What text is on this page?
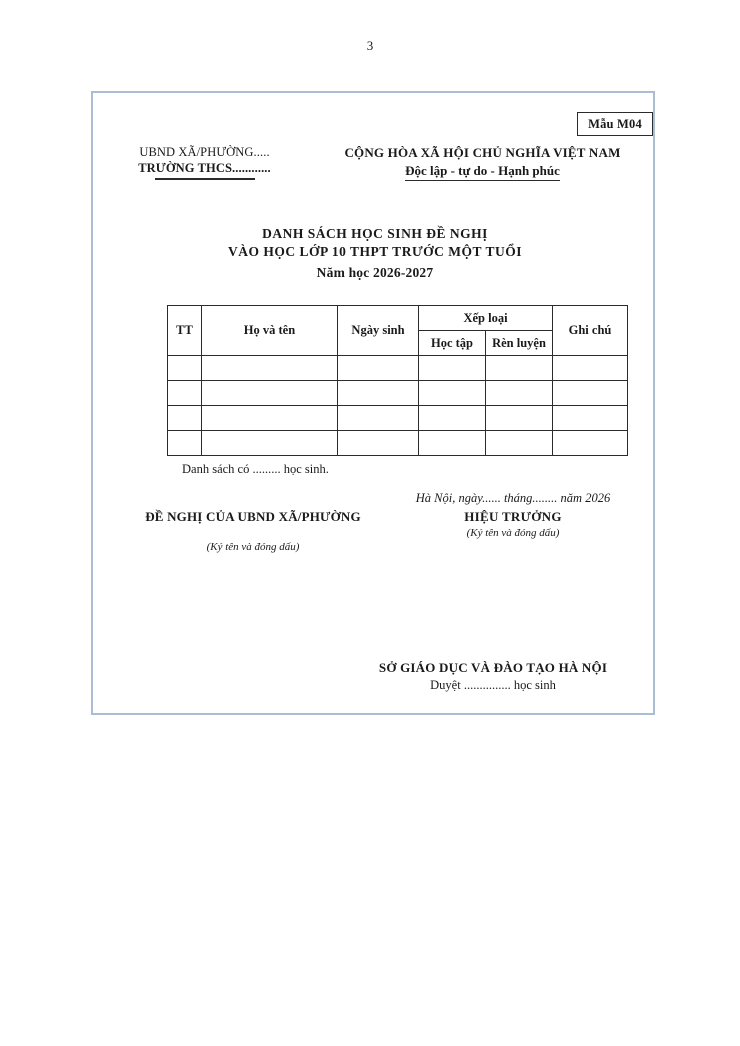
3
Mẫu M04
UBND XÃ/PHƯỜNG.....
TRƯỜNG THCS............
CỘNG HÒA XÃ HỘI CHỦ NGHĨA VIỆT NAM
Độc lập - tự do - Hạnh phúc
DANH SÁCH HỌC SINH ĐỀ NGHỊ
VÀO HỌC LỚP 10 THPT TRƯỚC MỘT TUỔI
Năm học 2026-2027
TT	Họ và tên	Ngày sinh	Xếp loại		Ghi chú
			Học tập	Rèn luyện	

Danh sách có ......... học sinh.
ĐỀ NGHỊ CỦA UBND XÃ/PHƯỜNG
(Ký tên và đóng dấu)
Hà Nội, ngày...... tháng........ năm 2026
HIỆU TRƯỞNG
(Ký tên và đóng dấu)
SỞ GIÁO DỤC VÀ ĐÀO TẠO HÀ NỘI
Duyệt ............... học sinh
